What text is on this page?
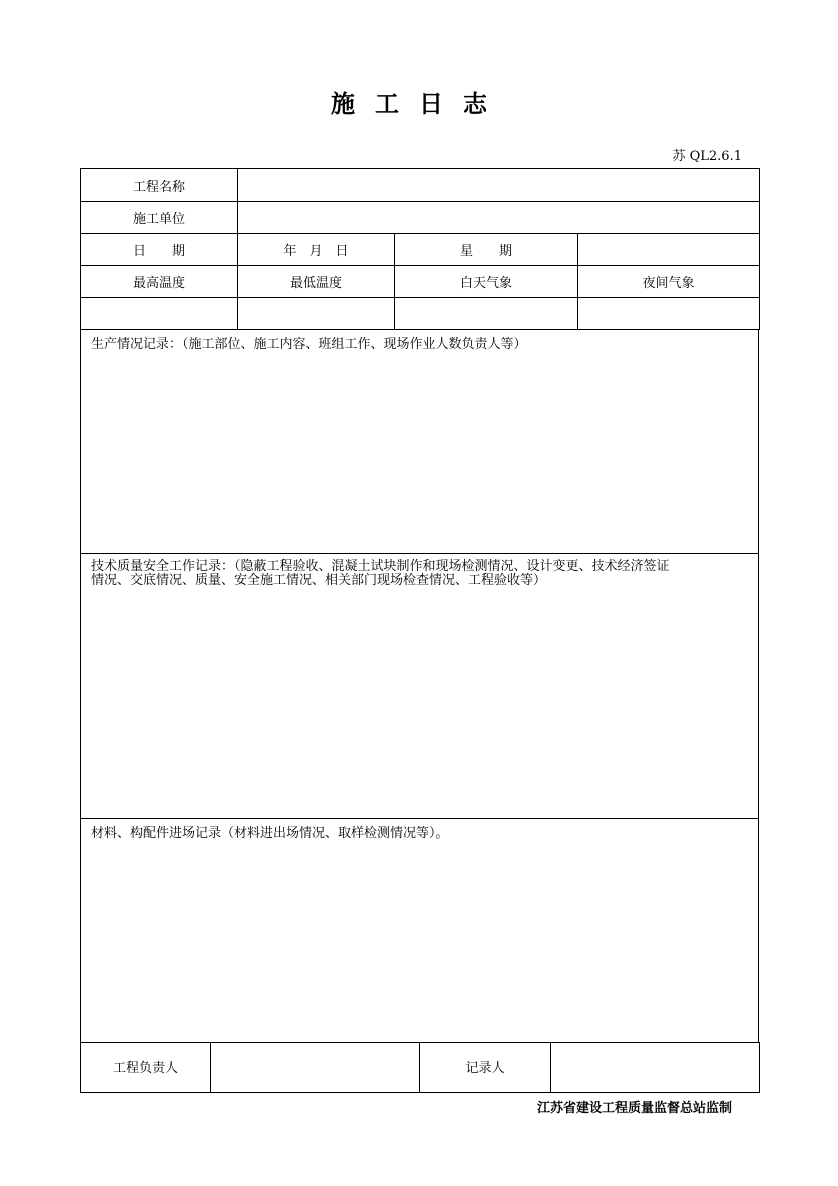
施工日志
苏 QL2.6.1
工程名称			
施工单位			
日　　期	年　月　日	星　　期	
最高温度	最低温度	白天气象	夜间气象

生产情况记录：（施工部位、施工内容、班组工作、现场作业人数负责人等）
技术质量安全工作记录：（隐蔽工程验收、混凝土试块制作和现场检测情况、设计变更、技术经济签证
情况、交底情况、质量、安全施工情况、相关部门现场检查情况、工程验收等）
材料、构配件进场记录（材料进出场情况、取样检测情况等）。
工程负责人		记录人	
江苏省建设工程质量监督总站监制
